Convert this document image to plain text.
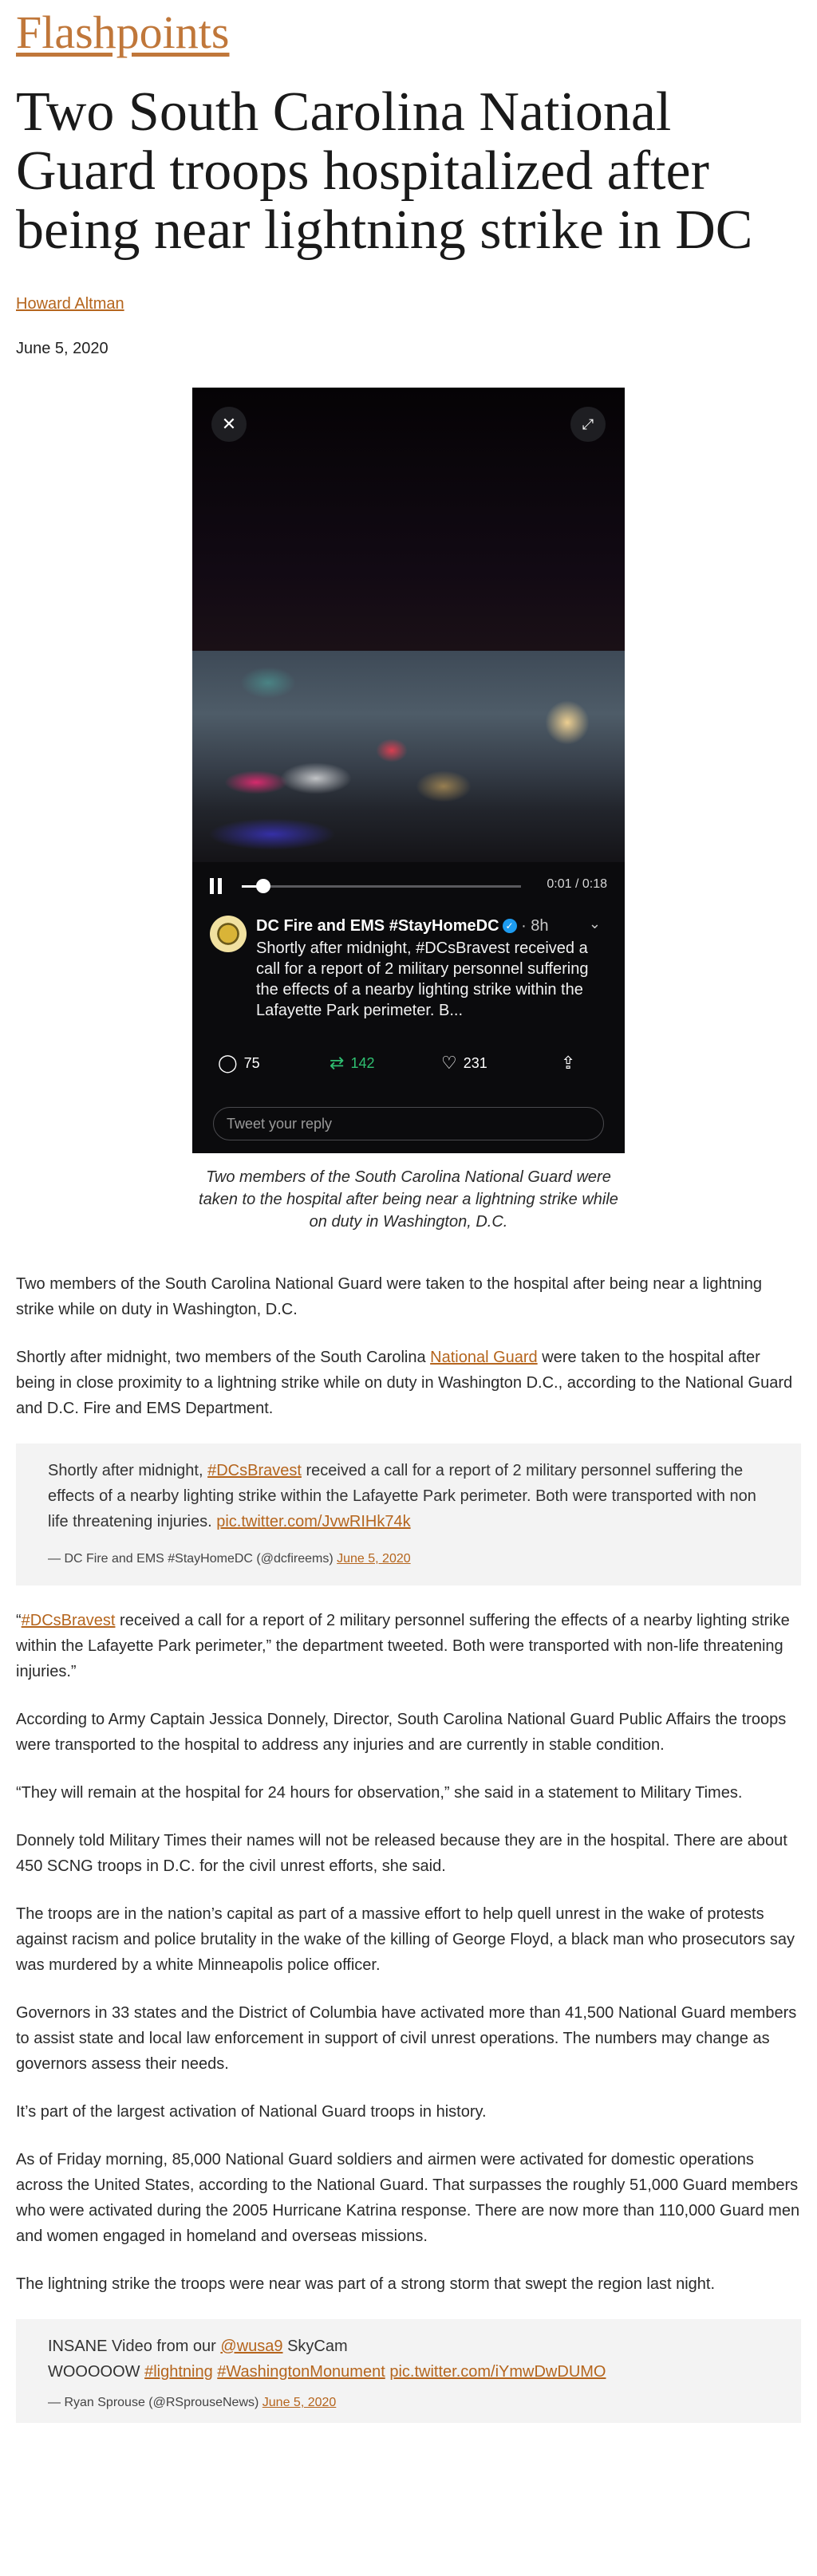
Flashpoints
Two South Carolina National Guard troops hospitalized after being near lightning strike in DC
Howard Altman
June 5, 2020
✕	⤢
0:01 / 0:18
DC Fire and EMS #StayHomeDC ✓ · 8h	⌄
Shortly after midnight, #DCsBravest received a call for a report of 2 military personnel suffering the effects of a nearby lighting strike within the Lafayette Park perimeter. B...
◯ 75	⇄ 142	♡ 231	⇪
Tweet your reply
Two members of the South Carolina National Guard were taken to the hospital after being near a lightning strike while on duty in Washington, D.C.

Two members of the South Carolina National Guard were taken to the hospital after being near a lightning strike while on duty in Washington, D.C.

Shortly after midnight, two members of the South Carolina National Guard were taken to the hospital after being in close proximity to a lightning strike while on duty in Washington D.C., according to the National Guard and D.C. Fire and EMS Department.

Shortly after midnight, #DCsBravest received a call for a report of 2 military personnel suffering the effects of a nearby lighting strike within the Lafayette Park perimeter. Both were transported with non life threatening injuries. pic.twitter.com/JvwRIHk74k

— DC Fire and EMS #StayHomeDC (@dcfireems) June 5, 2020

“#DCsBravest received a call for a report of 2 military personnel suffering the effects of a nearby lighting strike within the Lafayette Park perimeter,” the department tweeted. Both were transported with non-life threatening injuries.”

According to Army Captain Jessica Donnely, Director, South Carolina National Guard Public Affairs the troops were transported to the hospital to address any injuries and are currently in stable condition.

“They will remain at the hospital for 24 hours for observation,” she said in a statement to Military Times.

Donnely told Military Times their names will not be released because they are in the hospital. There are about 450 SCNG troops in D.C. for the civil unrest efforts, she said.

The troops are in the nation’s capital as part of a massive effort to help quell unrest in the wake of protests against racism and police brutality in the wake of the killing of George Floyd, a black man who prosecutors say was murdered by a white Minneapolis police officer.

Governors in 33 states and the District of Columbia have activated more than 41,500 National Guard members to assist state and local law enforcement in support of civil unrest operations. The numbers may change as governors assess their needs.

It’s part of the largest activation of National Guard troops in history.

As of Friday morning, 85,000 National Guard soldiers and airmen were activated for domestic operations across the United States, according to the National Guard. That surpasses the roughly 51,000 Guard members who were activated during the 2005 Hurricane Katrina response. There are now more than 110,000 Guard men and women engaged in homeland and overseas missions.

The lightning strike the troops were near was part of a strong storm that swept the region last night.

INSANE Video from our @wusa9 SkyCam
WOOOOOW #lightning #WashingtonMonument pic.twitter.com/iYmwDwDUMO

— Ryan Sprouse (@RSprouseNews) June 5, 2020
